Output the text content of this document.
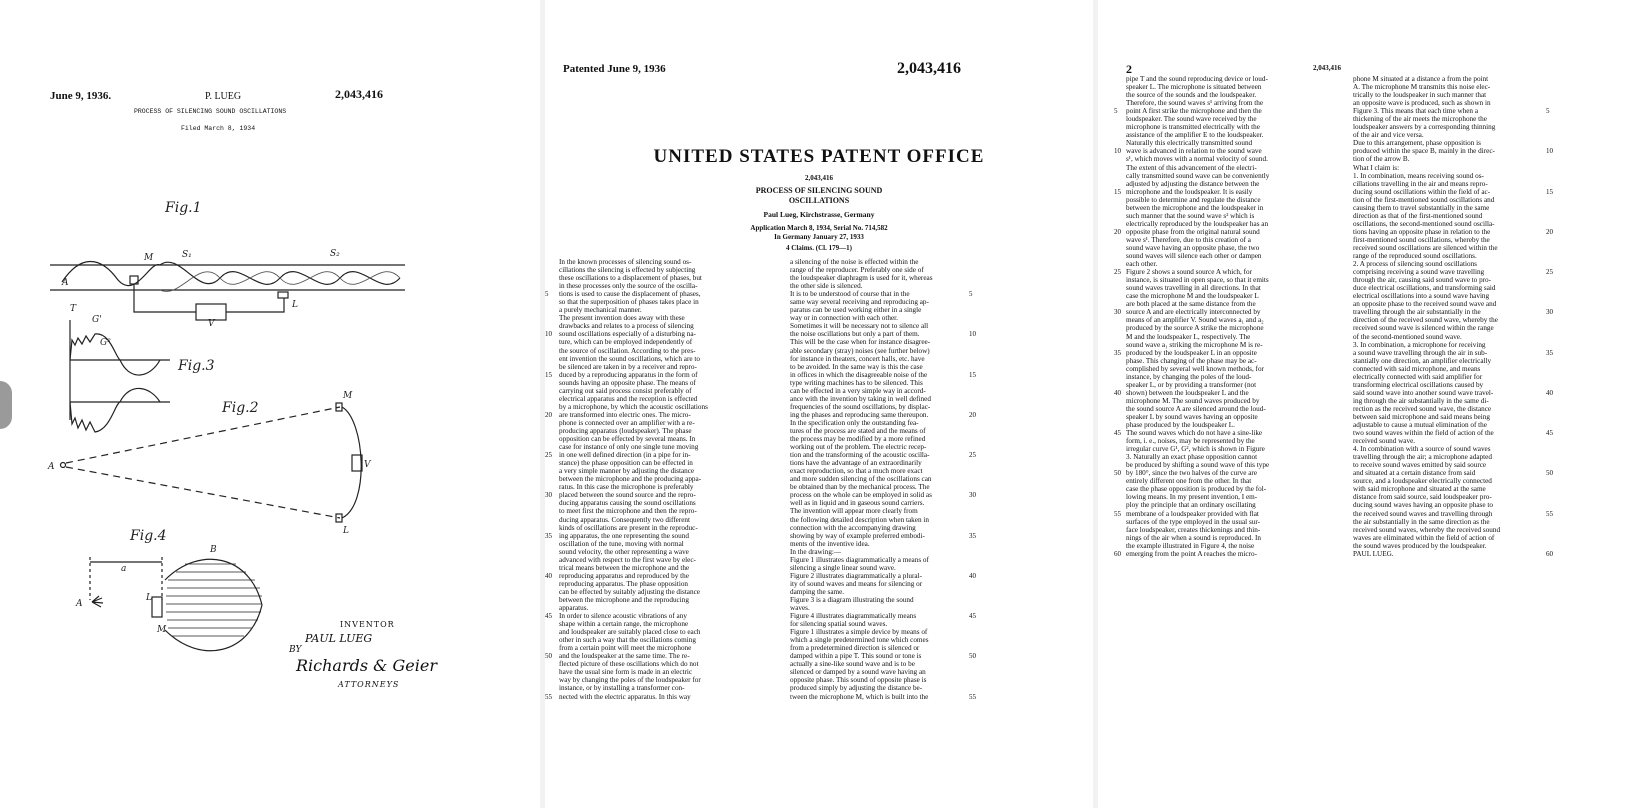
June 9, 1936.	P. LUEG	2,043,416
PROCESS OF SILENCING SOUND OSCILLATIONS
Filed March 8, 1934
Fig.1
Fig.2
Fig.3
Fig.4
A
M	S₁	S₂
T
V
L
G'
G²
A
M
V
L
a
B
A
L
M
INVENTOR
PAUL LUEG
BY
Richards & Geier
ATTORNEYS
Patented June 9, 1936	2,043,416
UNITED STATES PATENT OFFICE
2,043,416
PROCESS OF SILENCING SOUND
OSCILLATIONS
Paul Lueg, Kirchstrasse, Germany
Application March 8, 1934, Serial No. 714,582
In Germany January 27, 1933
4 Claims. (Cl. 179—1)
In the known processes of silencing sound os-
cillations the silencing is effected by subjecting
these oscillations to a displacement of phases, but
in these processes only the source of the oscilla-
tions is used to cause the displacement of phases,
so that the superposition of phases takes place in
a purely mechanical manner.
The present invention does away with these
drawbacks and relates to a process of silencing
sound oscillations especially of a disturbing na-
ture, which can be employed independently of
the source of oscillation. According to the pres-
ent invention the sound oscillations, which are to
be silenced are taken in by a receiver and repro-
duced by a reproducing apparatus in the form of
sounds having an opposite phase. The means of
carrying out said process consist preferably of
electrical apparatus and the reception is effected
by a microphone, by which the acoustic oscillations
are transformed into electric ones. The micro-
phone is connected over an amplifier with a re-
producing apparatus (loudspeaker). The phase
opposition can be effected by several means. In
case for instance of only one single tune moving
in one well defined direction (in a pipe for in-
stance) the phase opposition can be effected in
a very simple manner by adjusting the distance
between the microphone and the producing appa-
ratus. In this case the microphone is preferably
placed between the sound source and the repro-
ducing apparatus causing the sound oscillations
to meet first the microphone and then the repro-
ducing apparatus. Consequently two different
kinds of oscillations are present in the reproduc-
ing apparatus, the one representing the sound
oscillation of the tune, moving with normal
sound velocity, the other representing a wave
advanced with respect to the first wave by elec-
trical means between the microphone and the
reproducing apparatus and reproduced by the
reproducing apparatus. The phase opposition
can be effected by suitably adjusting the distance
between the microphone and the reproducing
apparatus.
In order to silence acoustic vibrations of any
shape within a certain range, the microphone
and loudspeaker are suitably placed close to each
other in such a way that the oscillations coming
from a certain point will meet the microphone
and the loudspeaker at the same time. The re-
flected picture of these oscillations which do not
have the usual sine form is made in an electric
way by changing the poles of the loudspeaker for
instance, or by installing a transformer con-
nected with the electric apparatus. In this way
a silencing of the noise is effected within the
range of the reproducer. Preferably one side of
the loudspeaker diaphragm is used for it, whereas
the other side is silenced.
It is to be understood of course that in the
same way several receiving and reproducing ap-
paratus can be used working either in a single
way or in connection with each other.
Sometimes it will be necessary not to silence all
the noise oscillations but only a part of them.
This will be the case when for instance disagree-
able secondary (stray) noises (see further below)
for instance in theaters, concert halls, etc. have
to be avoided. In the same way is this the case
in offices in which the disagreeable noise of the
type writing machines has to be silenced. This
can be effected in a very simple way in accord-
ance with the invention by taking in well defined
frequencies of the sound oscillations, by displac-
ing the phases and reproducing same thereupon.
In the specification only the outstanding fea-
tures of the process are stated and the means of
the process may be modified by a more refined
working out of the problem. The electric recep-
tion and the transforming of the acoustic oscilla-
tions have the advantage of an extraordinarily
exact reproduction, so that a much more exact
and more sudden silencing of the oscillations can
be obtained than by the mechanical process. The
process on the whole can be employed in solid as
well as in liquid and in gaseous sound carriers.
The invention will appear more clearly from
the following detailed description when taken in
connection with the accompanying drawing
showing by way of example preferred embodi-
ments of the inventive idea.
In the drawing:—
Figure 1 illustrates diagrammatically a means of
silencing a single linear sound wave.
Figure 2 illustrates diagrammatically a plural-
ity of sound waves and means for silencing or
damping the same.
Figure 3 is a diagram illustrating the sound
waves.
Figure 4 illustrates diagrammatically means
for silencing spatial sound waves.
Figure 1 illustrates a simple device by means of
which a single predetermined tone which comes
from a predetermined direction is silenced or
damped within a pipe T. This sound or tone is
actually a sine-like sound wave and is to be
silenced or damped by a sound wave having an
opposite phase. This sound of opposite phase is
produced simply by adjusting the distance be-
tween the microphone M, which is built into the
5
10
15
20
25
30
35
40
45
50
55
5
10
15
20
25
30
35
40
45
50
55
2	2,043,416
pipe T and the sound reproducing device or loud-
speaker L. The microphone is situated between
the source of the sounds and the loudspeaker.
Therefore, the sound waves s¹ arriving from the
point A first strike the microphone and then the
loudspeaker. The sound wave received by the
microphone is transmitted electrically with the
assistance of the amplifier E to the loudspeaker.
Naturally this electrically transmitted sound
wave is advanced in relation to the sound wave
s¹, which moves with a normal velocity of sound.
The extent of this advancement of the electri-
cally transmitted sound wave can be conveniently
adjusted by adjusting the distance between the
microphone and the loudspeaker. It is easily
possible to determine and regulate the distance
between the microphone and the loudspeaker in
such manner that the sound wave s² which is
electrically reproduced by the loudspeaker has an
opposite phase from the original natural sound
wave s¹. Therefore, due to this creation of a
sound wave having an opposite phase, the two
sound waves will silence each other or dampen
each other.
Figure 2 shows a sound source A which, for
instance, is situated in open space, so that it emits
sound waves travelling in all directions. In that
case the microphone M and the loudspeaker L
are both placed at the same distance from the
source A and are electrically interconnected by
means of an amplifier V. Sound waves a₁ and a₂
produced by the source A strike the microphone
M and the loudspeaker L, respectively. The
sound wave a₁ striking the microphone M is re-
produced by the loudspeaker L in an opposite
phase. This changing of the phase may be ac-
complished by several well known methods, for
instance, by changing the poles of the loud-
speaker L, or by providing a transformer (not
shown) between the loudspeaker L and the
microphone M. The sound waves produced by
the sound source A are silenced around the loud-
speaker L by sound waves having an opposite
phase produced by the loudspeaker L.
The sound waves which do not have a sine-like
form, i. e., noises, may be represented by the
irregular curve G¹, G², which is shown in Figure
3. Naturally an exact phase opposition cannot
be produced by shifting a sound wave of this type
by 180°, since the two halves of the curve are
entirely different one from the other. In that
case the phase opposition is produced by the fol-
lowing means. In my present invention, I em-
ploy the principle that an ordinary oscillating
membrane of a loudspeaker provided with flat
surfaces of the type employed in the usual sur-
face loudspeaker, creates thickenings and thin-
nings of the air when a sound is reproduced. In
the example illustrated in Figure 4, the noise
emerging from the point A reaches the micro-
phone M situated at a distance a from the point
A. The microphone M transmits this noise elec-
trically to the loudspeaker in such manner that
an opposite wave is produced, such as shown in
Figure 3. This means that each time when a
thickening of the air meets the microphone the
loudspeaker answers by a corresponding thinning
of the air and vice versa.
Due to this arrangement, phase opposition is
produced within the space B, mainly in the direc-
tion of the arrow B.
What I claim is:
1. In combination, means receiving sound os-
cillations travelling in the air and means repro-
ducing sound oscillations within the field of ac-
tion of the first-mentioned sound oscillations and
causing them to travel substantially in the same
direction as that of the first-mentioned sound
oscillations, the second-mentioned sound oscilla-
tions having an opposite phase in relation to the
first-mentioned sound oscillations, whereby the
received sound oscillations are silenced within the
range of the reproduced sound oscillations.
2. A process of silencing sound oscillations
comprising receiving a sound wave travelling
through the air, causing said sound wave to pro-
duce electrical oscillations, and transforming said
electrical oscillations into a sound wave having
an opposite phase to the received sound wave and
travelling through the air substantially in the
direction of the received sound wave, whereby the
received sound wave is silenced within the range
of the second-mentioned sound wave.
3. In combination, a microphone for receiving
a sound wave travelling through the air in sub-
stantially one direction, an amplifier electrically
connected with said microphone, and means
electrically connected with said amplifier for
transforming electrical oscillations caused by
said sound wave into another sound wave travel-
ing through the air substantially in the same di-
rection as the received sound wave, the distance
between said microphone and said means being
adjustable to cause a mutual elimination of the
two sound waves within the field of action of the
received sound wave.
4. In combination with a source of sound waves
travelling through the air; a microphone adapted
to receive sound waves emitted by said source
and situated at a certain distance from said
source, and a loudspeaker electrically connected
with said microphone and situated at the same
distance from said source, said loudspeaker pro-
ducing sound waves having an opposite phase to
the received sound waves and travelling through
the air substantially in the same direction as the
received sound waves, whereby the received sound
waves are eliminated within the field of action of
the sound waves produced by the loudspeaker.
PAUL LUEG.
5
10
15
20
25
30
35
40
45
50
55
60
5
10
15
20
25
30
35
40
45
50
55
60
